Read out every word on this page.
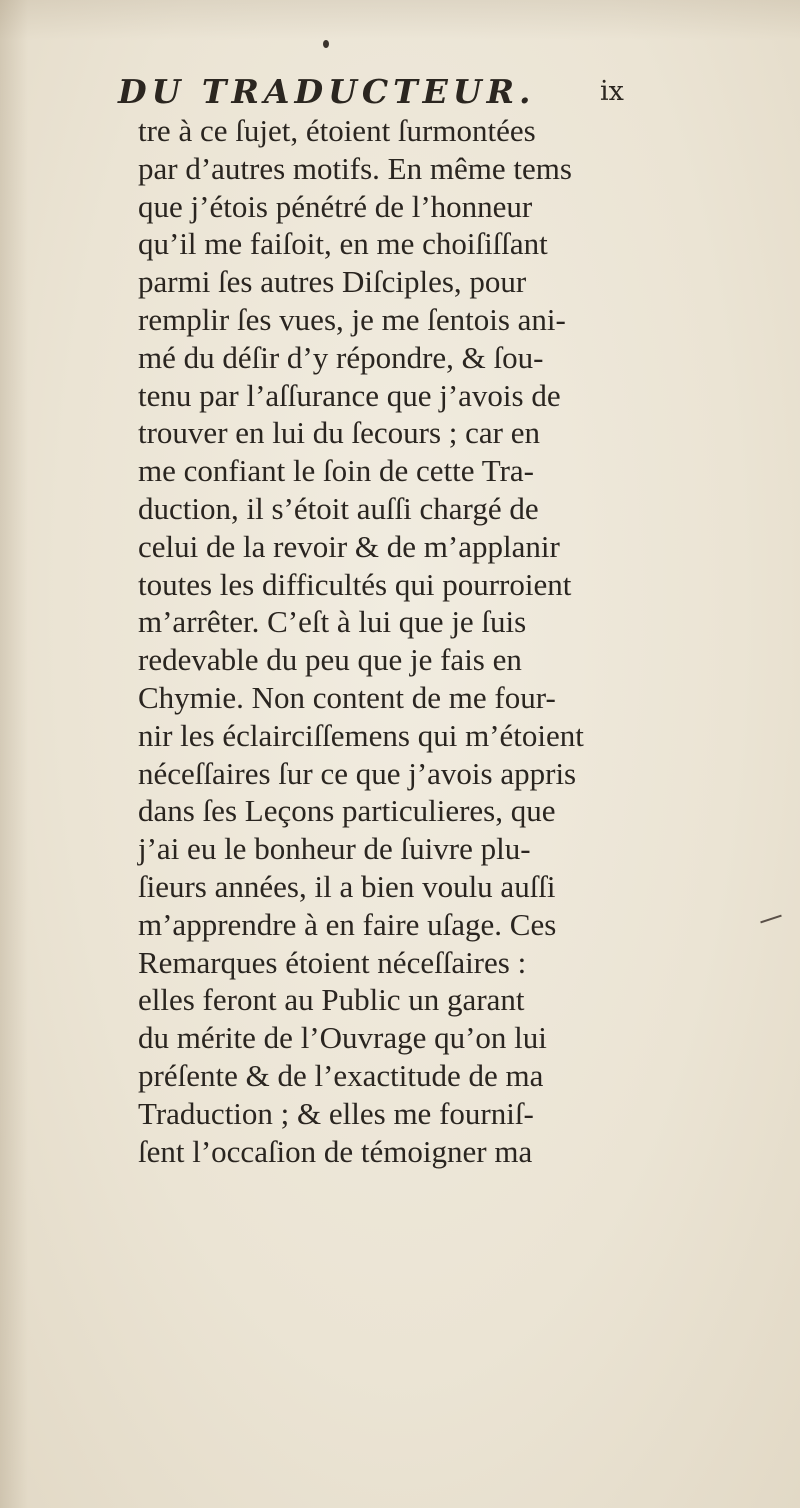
DU TRADUCTEUR. ix
tre à ce ſujet, étoient ſurmontées
par d’autres motifs. En même tems
que j’étois pénétré de l’honneur
qu’il me faiſoit, en me choiſiſſant
parmi ſes autres Diſciples, pour
remplir ſes vues, je me ſentois ani-
mé du déſir d’y répondre, & ſou-
tenu par l’aſſurance que j’avois de
trouver en lui du ſecours ; car en
me confiant le ſoin de cette Tra-
duction, il s’étoit auſſi chargé de
celui de la revoir & de m’applanir
toutes les difficultés qui pourroient
m’arrêter. C’eſt à lui que je ſuis
redevable du peu que je fais en
Chymie. Non content de me four-
nir les éclairciſſemens qui m’étoient
néceſſaires ſur ce que j’avois appris
dans ſes Leçons particulieres, que
j’ai eu le bonheur de ſuivre plu-
ſieurs années, il a bien voulu auſſi
m’apprendre à en faire uſage. Ces
Remarques étoient néceſſaires :
elles feront au Public un garant
du mérite de l’Ouvrage qu’on lui
préſente & de l’exactitude de ma
Traduction ; & elles me fourniſ-
ſent l’occaſion de témoigner ma
